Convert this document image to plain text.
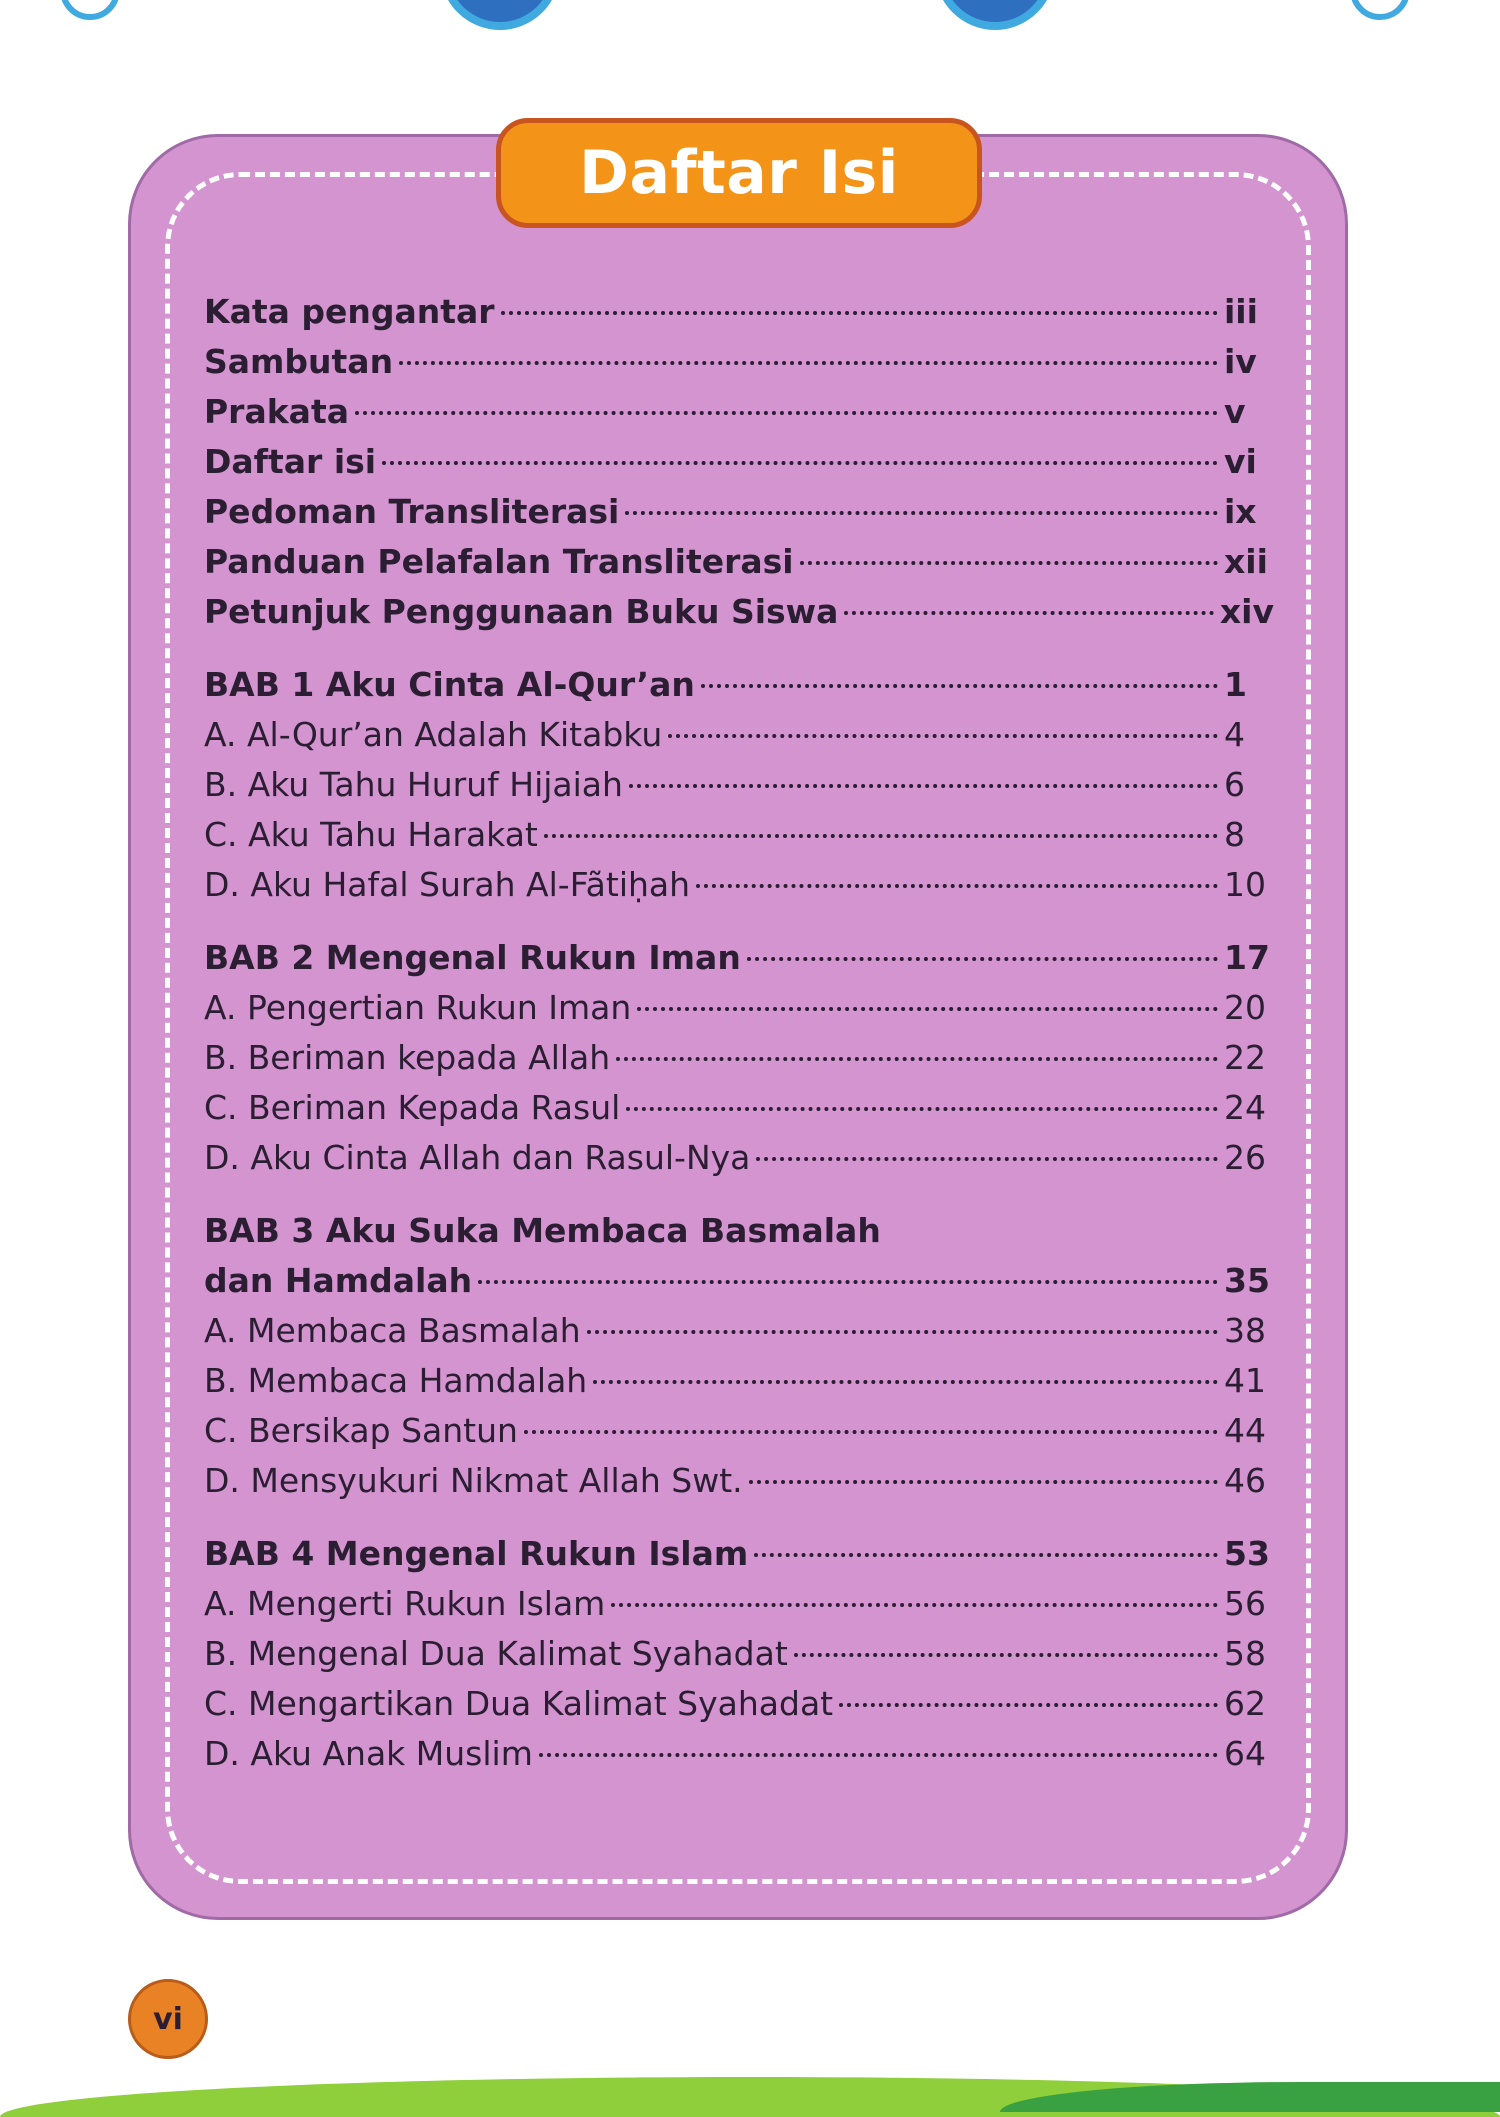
Daftar Isi
Kata pengantar	iii
Sambutan	iv
Prakata	v
Daftar isi	vi
Pedoman Transliterasi	ix
Panduan Pelafalan Transliterasi	xii
Petunjuk Penggunaan Buku Siswa	xiv
BAB 1 Aku Cinta Al-Qur’an	1
A. Al-Qur’an Adalah Kitabku	4
B. Aku Tahu Huruf Hijaiah	6
C. Aku Tahu Harakat	8
D. Aku Hafal Surah Al-Fãtiḥah	10
BAB 2 Mengenal Rukun Iman	17
A. Pengertian Rukun Iman	20
B. Beriman kepada Allah	22
C. Beriman Kepada Rasul	24
D. Aku Cinta Allah dan Rasul-Nya	26
BAB 3 Aku Suka Membaca Basmalah
dan Hamdalah	35
A. Membaca Basmalah	38
B. Membaca Hamdalah	41
C. Bersikap Santun	44
D. Mensyukuri Nikmat Allah Swt.	46
BAB 4 Mengenal Rukun Islam	53
A. Mengerti Rukun Islam	56
B. Mengenal Dua Kalimat Syahadat	58
C. Mengartikan Dua Kalimat Syahadat	62
D. Aku Anak Muslim	64
vi
